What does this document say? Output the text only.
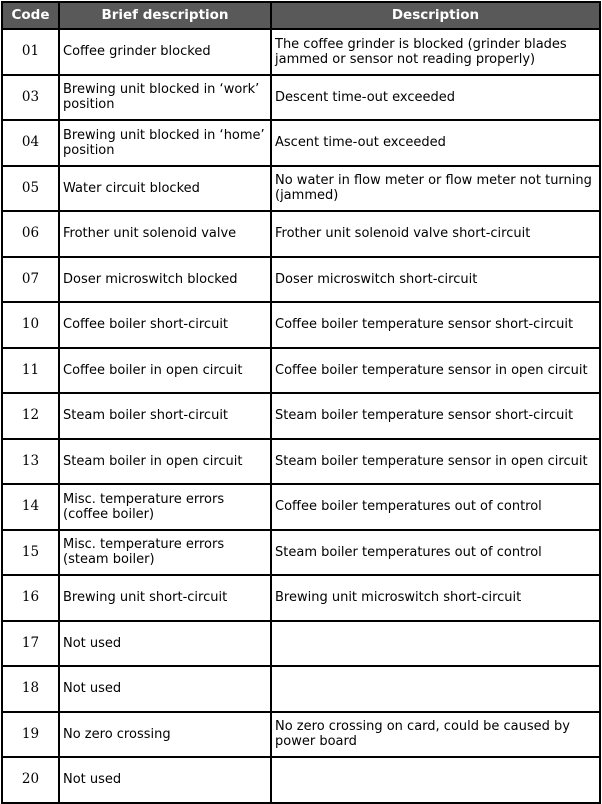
Code	Brief description	Description
01	Coffee grinder blocked	The coffee grinder is blocked (grinder blades jammed or sensor not reading properly)
03	Brewing unit blocked in ‘work’ position	Descent time-out exceeded
04	Brewing unit blocked in ‘home’ position	Ascent time-out exceeded
05	Water circuit blocked	No water in flow meter or flow meter not turning (jammed)
06	Frother unit solenoid valve	Frother unit solenoid valve short-circuit
07	Doser microswitch blocked	Doser microswitch short-circuit
10	Coffee boiler short-circuit	Coffee boiler temperature sensor short-circuit
11	Coffee boiler in open circuit	Coffee boiler temperature sensor in open circuit
12	Steam boiler short-circuit	Steam boiler temperature sensor short-circuit
13	Steam boiler in open circuit	Steam boiler temperature sensor in open circuit
14	Misc. temperature errors (coffee boiler)	Coffee boiler temperatures out of control
15	Misc. temperature errors (steam boiler)	Steam boiler temperatures out of control
16	Brewing unit short-circuit	Brewing unit microswitch short-circuit
17	Not used	
18	Not used	
19	No zero crossing	No zero crossing on card, could be caused by power board
20	Not used	
